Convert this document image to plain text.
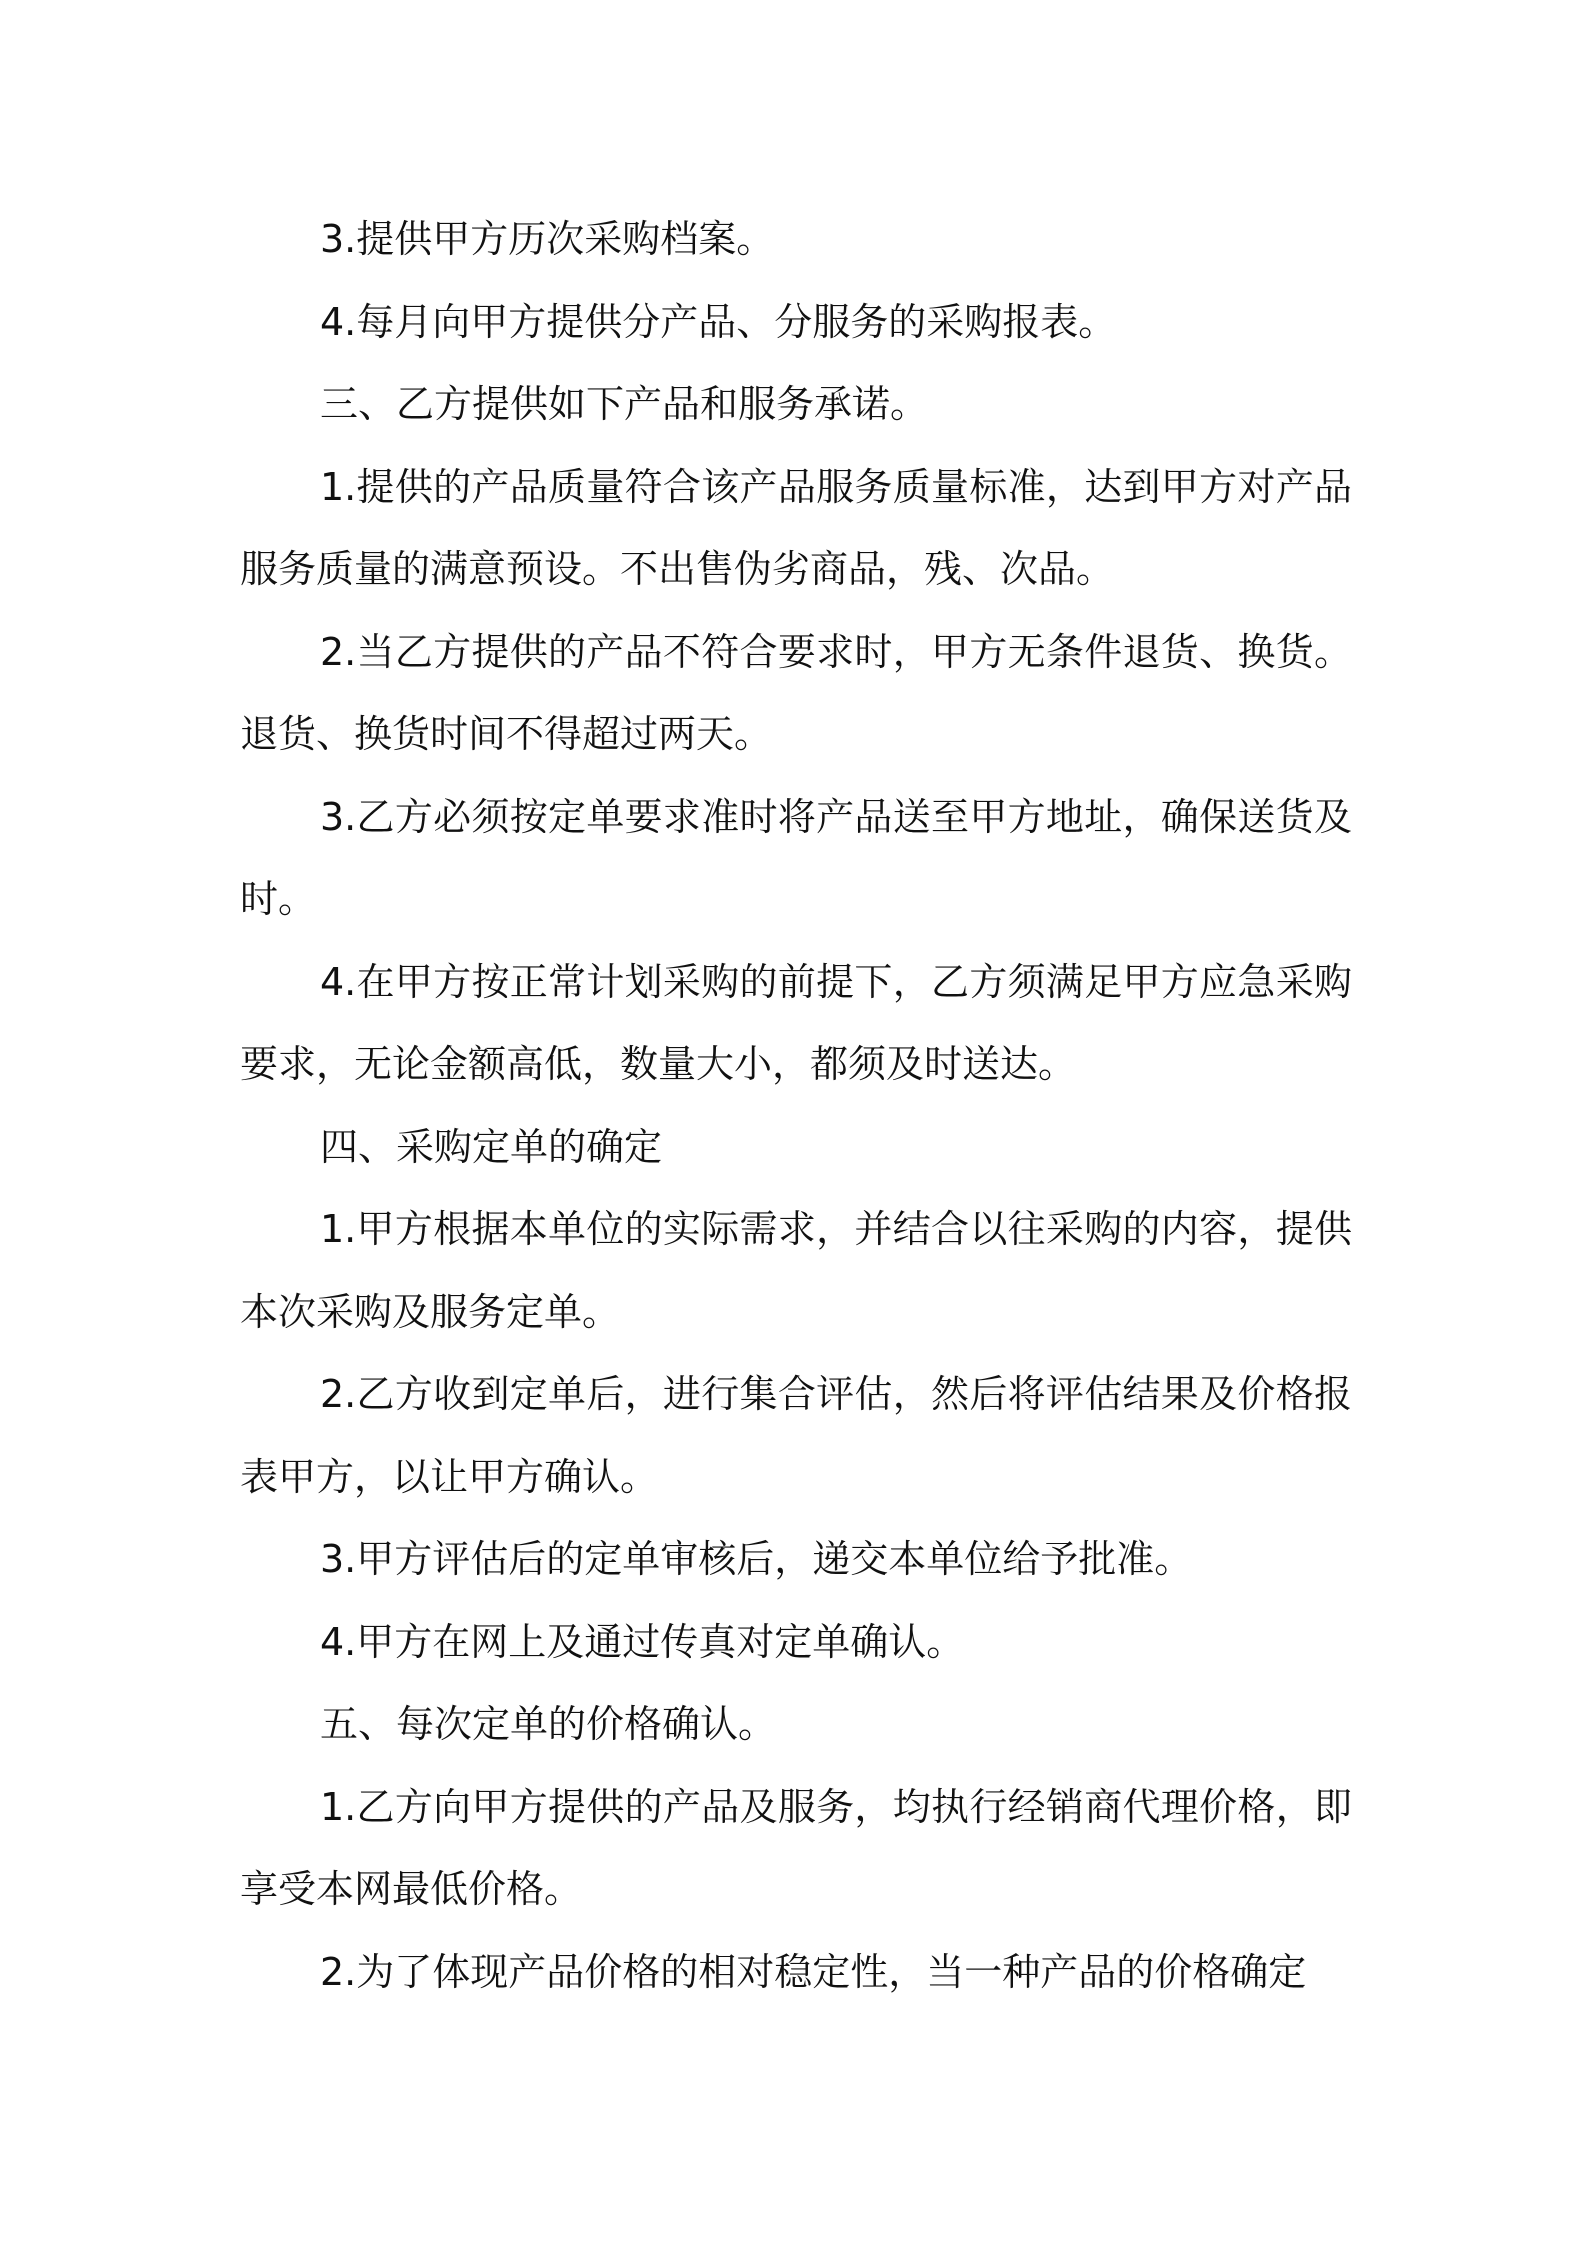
3.提供甲方历次采购档案。

4.每月向甲方提供分产品、分服务的采购报表。

三、乙方提供如下产品和服务承诺。

1.提供的产品质量符合该产品服务质量标准，达到甲方对产品服务质量的满意预设。不出售伪劣商品，残、次品。

2.当乙方提供的产品不符合要求时，甲方无条件退货、换货。退货、换货时间不得超过两天。

3.乙方必须按定单要求准时将产品送至甲方地址，确保送货及时。

4.在甲方按正常计划采购的前提下，乙方须满足甲方应急采购要求，无论金额高低，数量大小，都须及时送达。

四、采购定单的确定

1.甲方根据本单位的实际需求，并结合以往采购的内容，提供本次采购及服务定单。

2.乙方收到定单后，进行集合评估，然后将评估结果及价格报表甲方，以让甲方确认。

3.甲方评估后的定单审核后，递交本单位给予批准。

4.甲方在网上及通过传真对定单确认。

五、每次定单的价格确认。

1.乙方向甲方提供的产品及服务，均执行经销商代理价格，即享受本网最低价格。

2.为了体现产品价格的相对稳定性，当一种产品的价格确定
